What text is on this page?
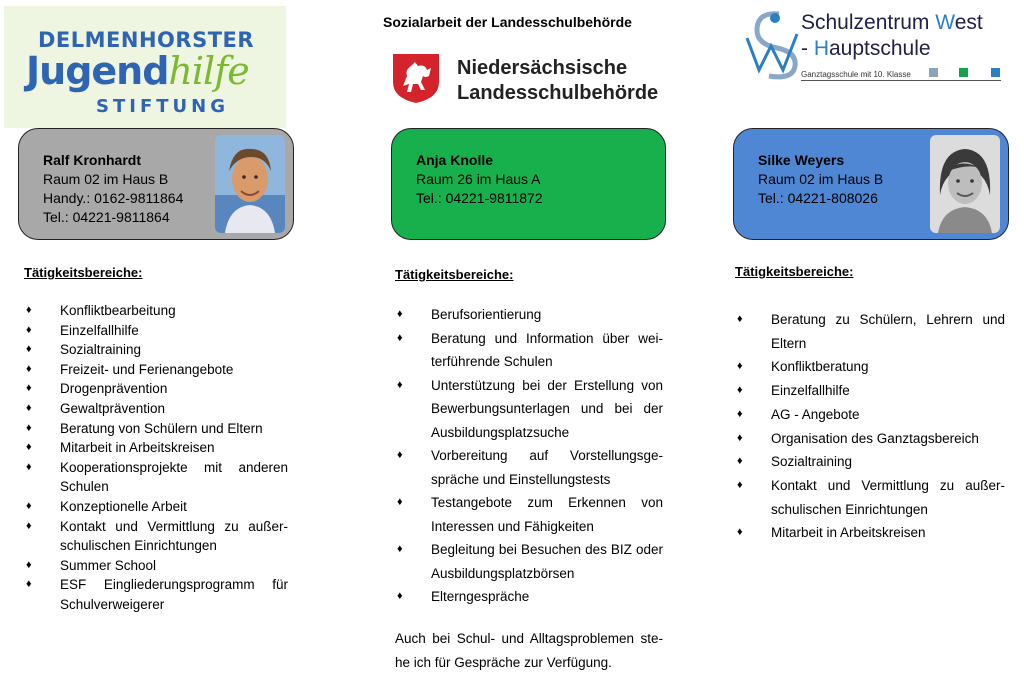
DELMENHORSTER
Jugendhilfe
STIFTUNG
Ralf Kronhardt
Raum 02 im Haus B
Handy.: 0162-9811864
Tel.: 04221-9811864
Tätigkeitsbereiche:
♦ Konfliktbearbeitung
♦ Einzelfallhilfe
♦ Sozialtraining
♦ Freizeit- und Ferienangebote
♦ Drogenprävention
♦ Gewaltprävention
♦ Beratung von Schülern und Eltern
♦ Mitarbeit in Arbeitskreisen
♦ Kooperationsprojekte mit anderen Schulen
♦ Konzeptionelle Arbeit
♦ Kontakt und Vermittlung zu außer-schulischen Einrichtungen
♦ Summer School
♦ ESF Eingliederungsprogramm für Schulverweigerer
Sozialarbeit der Landesschulbehörde
Niedersächsische
Landesschulbehörde
Anja Knolle
Raum 26 im Haus A
Tel.: 04221-9811872
Tätigkeitsbereiche:
♦ Berufsorientierung
♦ Beratung und Information über wei-terführende Schulen
♦ Unterstützung bei der Erstellung von Bewerbungsunterlagen und bei der Ausbildungsplatzsuche
♦ Vorbereitung auf Vorstellungsge-spräche und Einstellungstests
♦ Testangebote zum Erkennen von Interessen und Fähigkeiten
♦ Begleitung bei Besuchen des BIZ oder Ausbildungsplatzbörsen
♦ Elterngespräche
Auch bei Schul- und Alltagsproblemen ste-he ich für Gespräche zur Verfügung.
Schulzentrum West
- Hauptschule
Ganztagsschule mit 10. Klasse
Silke Weyers
Raum 02 im Haus B
Tel.: 04221-808026
Tätigkeitsbereiche:
♦ Beratung zu Schülern, Lehrern und Eltern
♦ Konfliktberatung
♦ Einzelfallhilfe
♦ AG - Angebote
♦ Organisation des Ganztagsbereich
♦ Sozialtraining
♦ Kontakt und Vermittlung zu außer-schulischen Einrichtungen
♦ Mitarbeit in Arbeitskreisen
